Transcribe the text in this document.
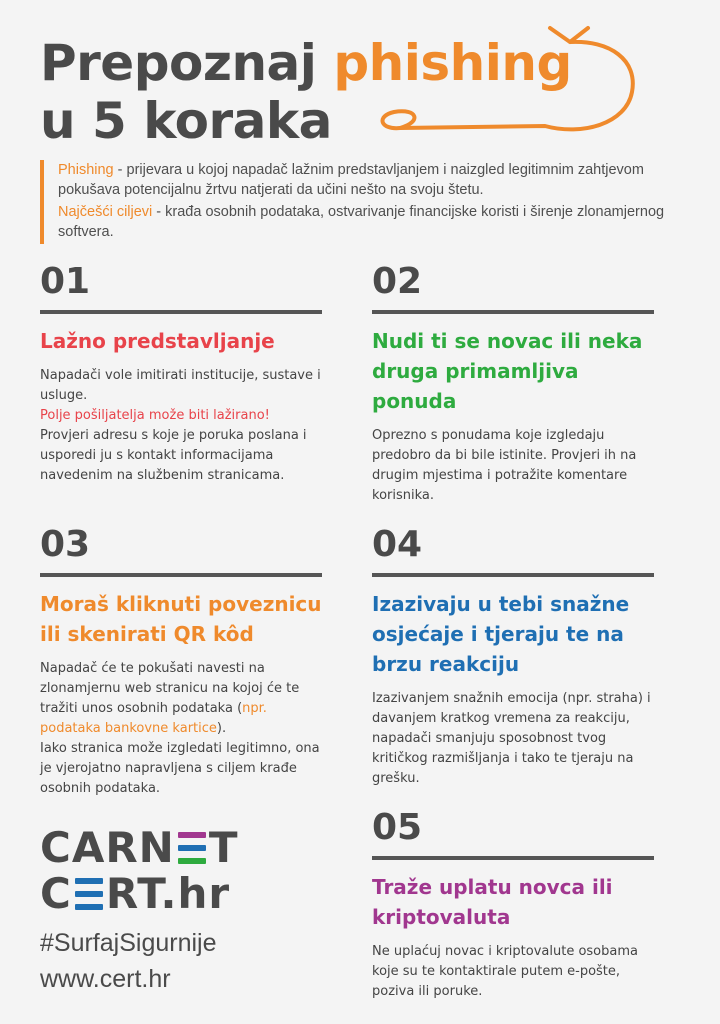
Prepoznaj phishing
u 5 koraka

Phishing - prijevara u kojoj napadač lažnim predstavljanjem i naizgled legitimnim zahtjevom pokušava potencijalnu žrtvu natjerati da učini nešto na svoju štetu.

Najčešći ciljevi - krađa osobnih podataka, ostvarivanje financijske koristi i širenje zlonamjernog softvera.

01
Lažno predstavljanje
Napadači vole imitirati institucije, sustave i usluge.
Polje pošiljatelja može biti lažirano!
Provjeri adresu s koje je poruka poslana i usporedi ju s kontakt informacijama navedenim na službenim stranicama.
02
Nudi ti se novac ili neka druga primamljiva ponuda
Oprezno s ponudama koje izgledaju predobro da bi bile istinite. Provjeri ih na drugim mjestima i potražite komentare korisnika.
03
Moraš kliknuti poveznicu ili skenirati QR kôd
Napadač će te pokušati navesti na zlonamjernu web stranicu na kojoj će te tražiti unos osobnih podataka (npr. podataka bankovne kartice).
Iako stranica može izgledati legitimno, ona je vjerojatno napravljena s ciljem krađe osobnih podataka.
04
Izazivaju u tebi snažne osjećaje i tjeraju te na brzu reakciju
Izazivanjem snažnih emocija (npr. straha) i davanjem kratkog vremena za reakciju, napadači smanjuju sposobnost tvog kritičkog razmišljanja i tako te tjeraju na grešku.
05
Traže uplatu novca ili kriptovaluta
Ne uplaćuj novac i kriptovalute osobama koje su te kontaktirale putem e-pošte, poziva ili poruke.
CARN T
C RT.hr
#SurfajSigurnije
www.cert.hr
